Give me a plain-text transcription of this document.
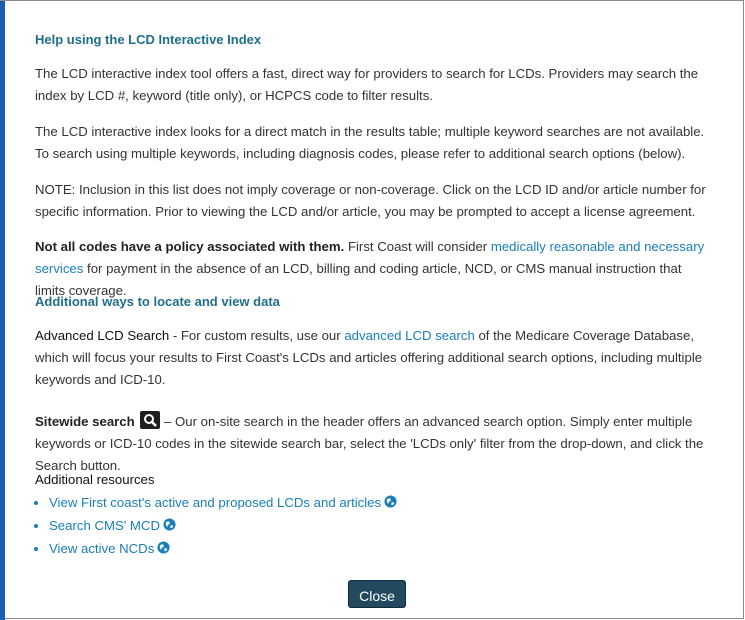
Help using the LCD Interactive Index

The LCD interactive index tool offers a fast, direct way for providers to search for LCDs. Providers may search the index by LCD #, keyword (title only), or HCPCS code to filter results.

The LCD interactive index looks for a direct match in the results table; multiple keyword searches are not available. To search using multiple keywords, including diagnosis codes, please refer to additional search options (below).

NOTE: Inclusion in this list does not imply coverage or non-coverage. Click on the LCD ID and/or article number for specific information. Prior to viewing the LCD and/or article, you may be prompted to accept a license agreement.

Not all codes have a policy associated with them. First Coast will consider medically reasonable and necessary services for payment in the absence of an LCD, billing and coding article, NCD, or CMS manual instruction that limits coverage.

Additional ways to locate and view data

Advanced LCD Search - For custom results, use our advanced LCD search of the Medicare Coverage Database, which will focus your results to First Coast's LCDs and articles offering additional search options, including multiple keywords and ICD-10.

Sitewide search  – Our on-site search in the header offers an advanced search option. Simply enter multiple keywords or ICD-10 codes in the sitewide search bar, select the 'LCDs only' filter from the drop-down, and click the Search button.

Additional resources
• View First coast's active and proposed LCDs and articles
• Search CMS' MCD
• View active NCDs
Close
